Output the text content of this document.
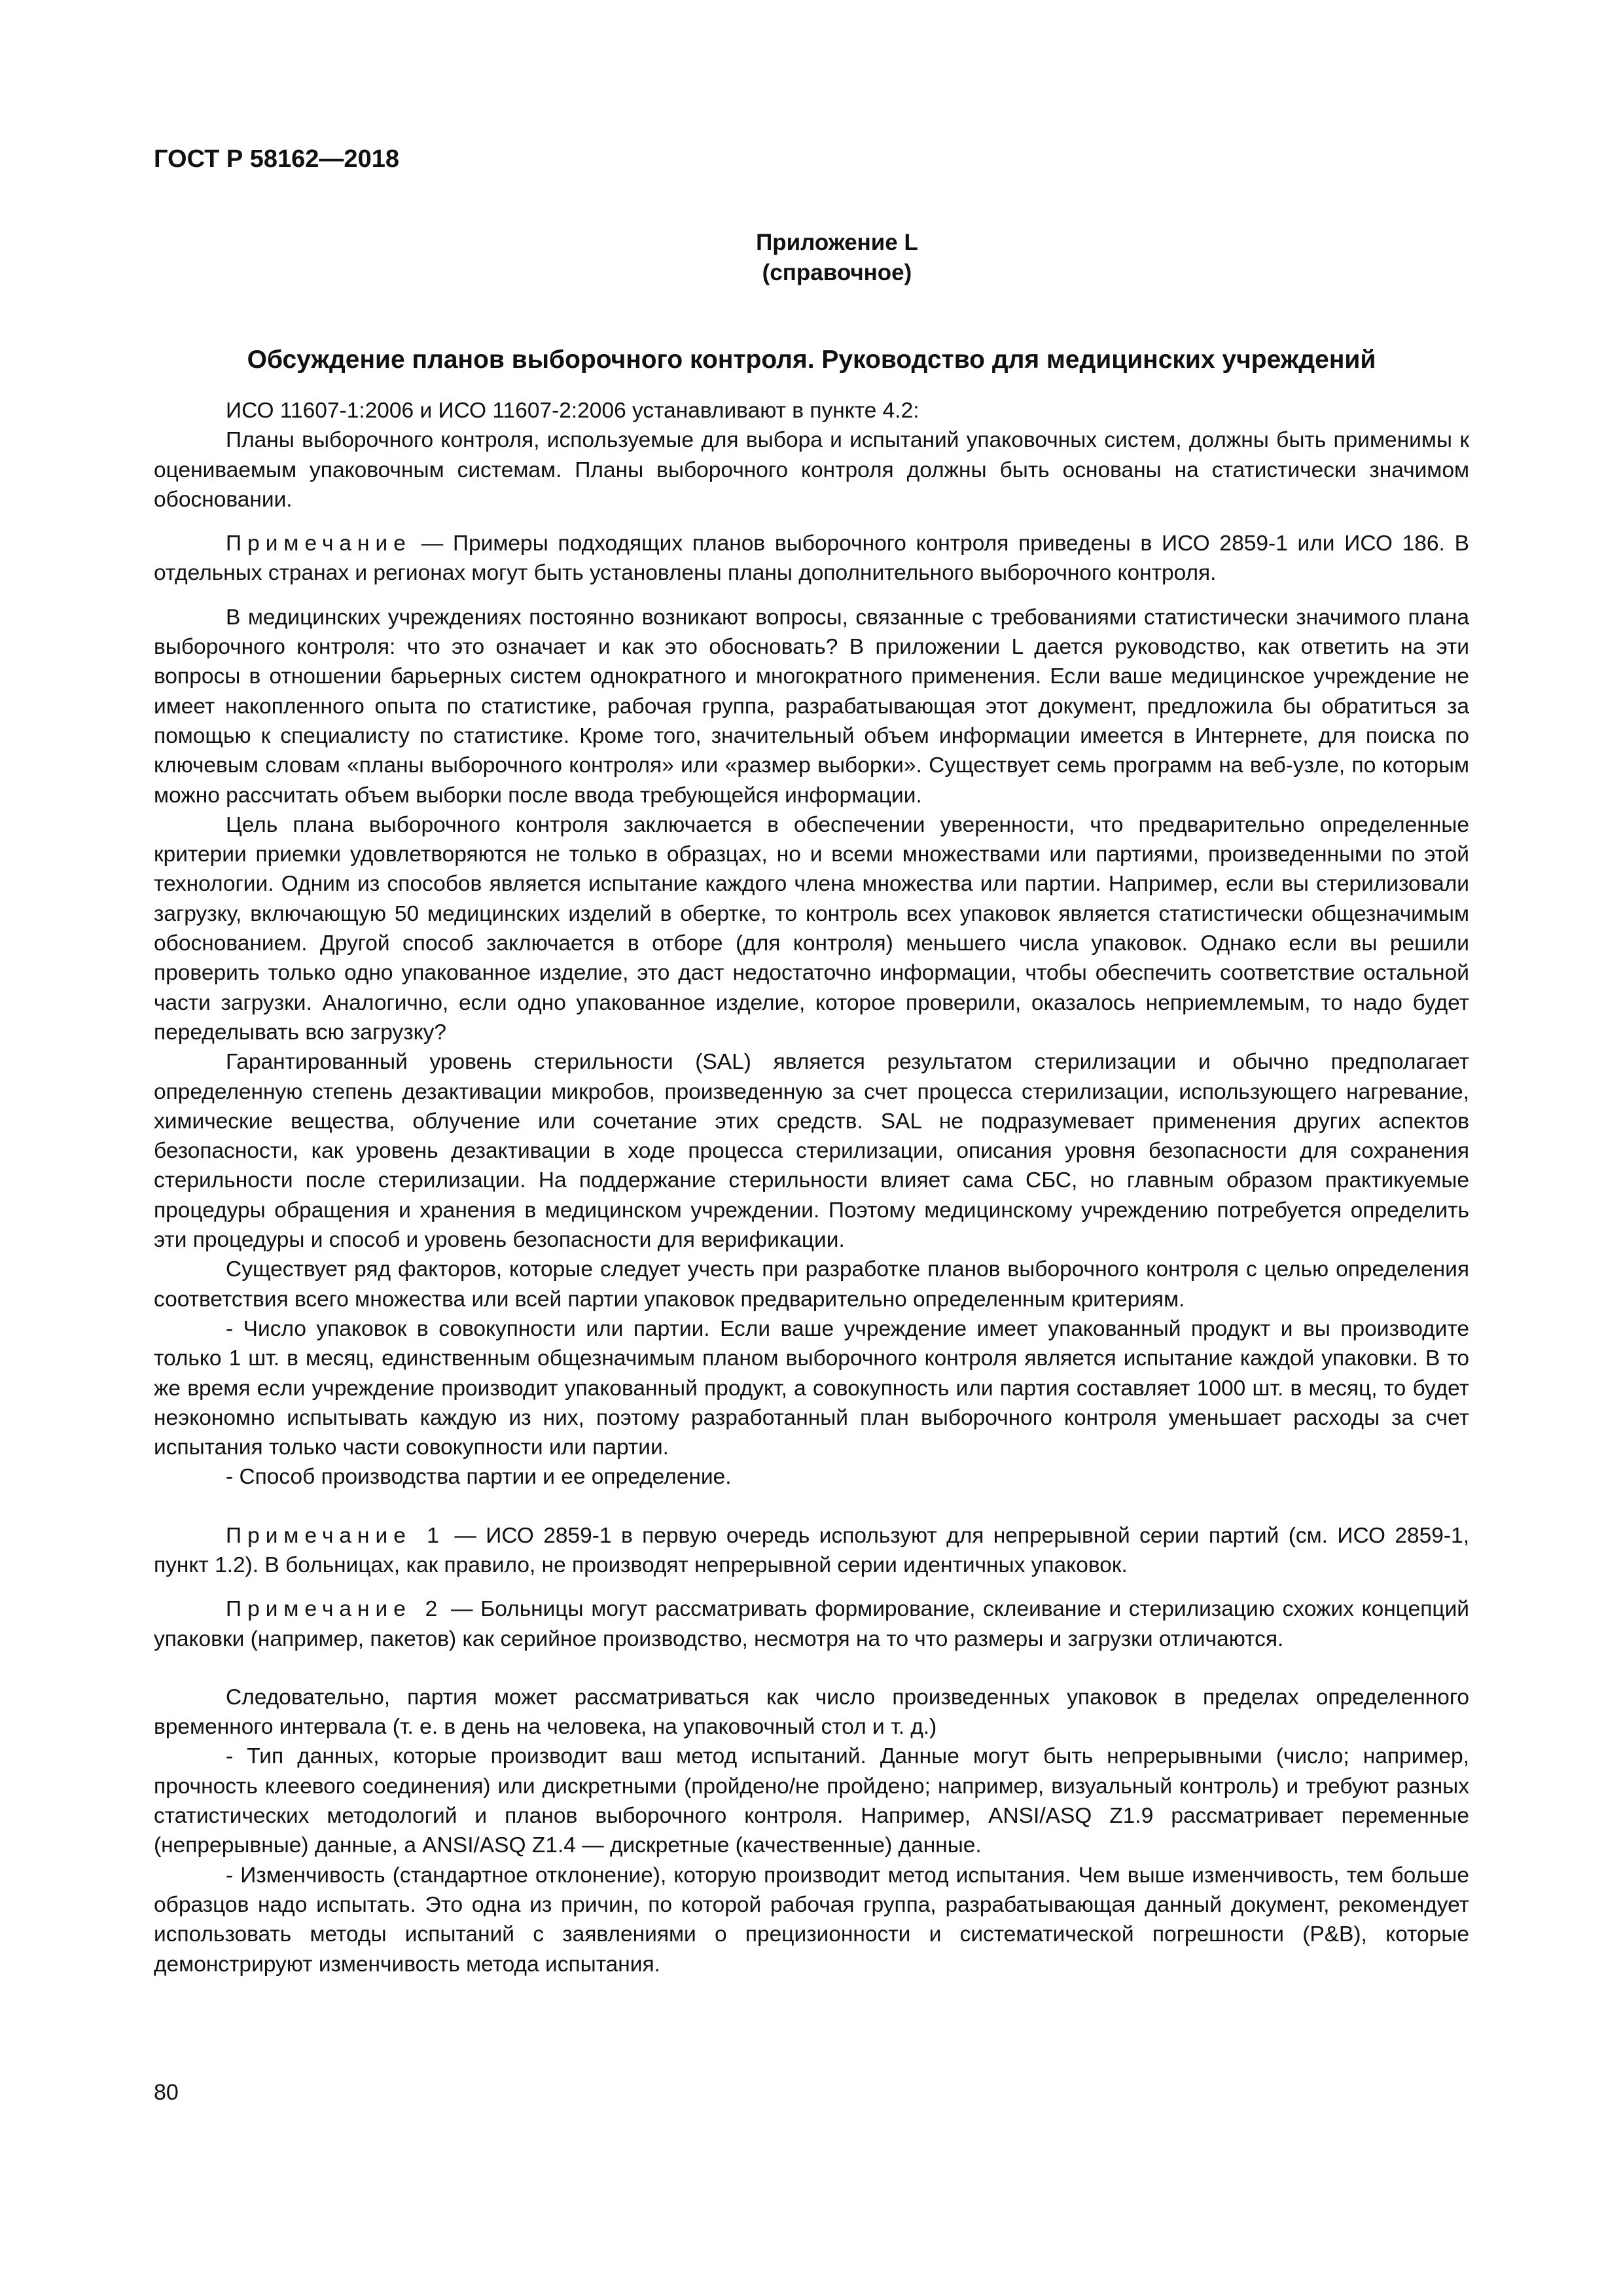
ГОСТ Р 58162—2018
Приложение L
(справочное)
Обсуждение планов выборочного контроля. Руководство для медицинских учреждений

ИСО 11607-1:2006 и ИСО 11607-2:2006 устанавливают в пункте 4.2:

Планы выборочного контроля, используемые для выбора и испытаний упаковочных систем, должны быть применимы к оцениваемым упаковочным системам. Планы выборочного контроля должны быть основаны на статистически значимом обосновании.

Примечание — Примеры подходящих планов выборочного контроля приведены в ИСО 2859-1 или ИСО 186. В отдельных странах и регионах могут быть установлены планы дополнительного выборочного контроля.

В медицинских учреждениях постоянно возникают вопросы, связанные с требованиями статистически значимого плана выборочного контроля: что это означает и как это обосновать? В приложении L дается руководство, как ответить на эти вопросы в отношении барьерных систем однократного и многократного применения. Если ваше медицинское учреждение не имеет накопленного опыта по статистике, рабочая группа, разрабатывающая этот документ, предложила бы обратиться за помощью к специалисту по статистике. Кроме того, значительный объем информации имеется в Интернете, для поиска по ключевым словам «планы выборочного контроля» или «размер выборки». Существует семь программ на веб-узле, по которым можно рассчитать объем выборки после ввода требующейся информации.

Цель плана выборочного контроля заключается в обеспечении уверенности, что предварительно определенные критерии приемки удовлетворяются не только в образцах, но и всеми множествами или партиями, произведенными по этой технологии. Одним из способов является испытание каждого члена множества или партии. Например, если вы стерилизовали загрузку, включающую 50 медицинских изделий в обертке, то контроль всех упаковок является статистически общезначимым обоснованием. Другой способ заключается в отборе (для контроля) меньшего числа упаковок. Однако если вы решили проверить только одно упакованное изделие, это даст недостаточно информации, чтобы обеспечить соответствие остальной части загрузки. Аналогично, если одно упакованное изделие, которое проверили, оказалось неприемлемым, то надо будет переделывать всю загрузку?

Гарантированный уровень стерильности (SAL) является результатом стерилизации и обычно предполагает определенную степень дезактивации микробов, произведенную за счет процесса стерилизации, использующего нагревание, химические вещества, облучение или сочетание этих средств. SAL не подразумевает применения других аспектов безопасности, как уровень дезактивации в ходе процесса стерилизации, описания уровня безопасности для сохранения стерильности после стерилизации. На поддержание стерильности влияет сама СБС, но главным образом практикуемые процедуры обращения и хранения в медицинском учреждении. Поэтому медицинскому учреждению потребуется определить эти процедуры и способ и уровень безопасности для верификации.

Существует ряд факторов, которые следует учесть при разработке планов выборочного контроля с целью определения соответствия всего множества или всей партии упаковок предварительно определенным критериям.

- Число упаковок в совокупности или партии. Если ваше учреждение имеет упакованный продукт и вы производите только 1 шт. в месяц, единственным общезначимым планом выборочного контроля является испытание каждой упаковки. В то же время если учреждение производит упакованный продукт, а совокупность или партия составляет 1000 шт. в месяц, то будет неэкономно испытывать каждую из них, поэтому разработанный план выборочного контроля уменьшает расходы за счет испытания только части совокупности или партии.

- Способ производства партии и ее определение.

Примечание 1 — ИСО 2859-1 в первую очередь используют для непрерывной серии партий (см. ИСО 2859-1, пункт 1.2). В больницах, как правило, не производят непрерывной серии идентичных упаковок.

Примечание 2 — Больницы могут рассматривать формирование, склеивание и стерилизацию схожих концепций упаковки (например, пакетов) как серийное производство, несмотря на то что размеры и загрузки отличаются.

Следовательно, партия может рассматриваться как число произведенных упаковок в пределах определенного временного интервала (т. е. в день на человека, на упаковочный стол и т. д.)

- Тип данных, которые производит ваш метод испытаний. Данные могут быть непрерывными (число; например, прочность клеевого соединения) или дискретными (пройдено/не пройдено; например, визуальный контроль) и требуют разных статистических методологий и планов выборочного контроля. Например, ANSI/ASQ Z1.9 рассматривает переменные (непрерывные) данные, а ANSI/ASQ Z1.4 — дискретные (качественные) данные.

- Изменчивость (стандартное отклонение), которую производит метод испытания. Чем выше изменчивость, тем больше образцов надо испытать. Это одна из причин, по которой рабочая группа, разрабатывающая данный документ, рекомендует использовать методы испытаний с заявлениями о прецизионности и систематической погрешности (P&B), которые демонстрируют изменчивость метода испытания.

80
